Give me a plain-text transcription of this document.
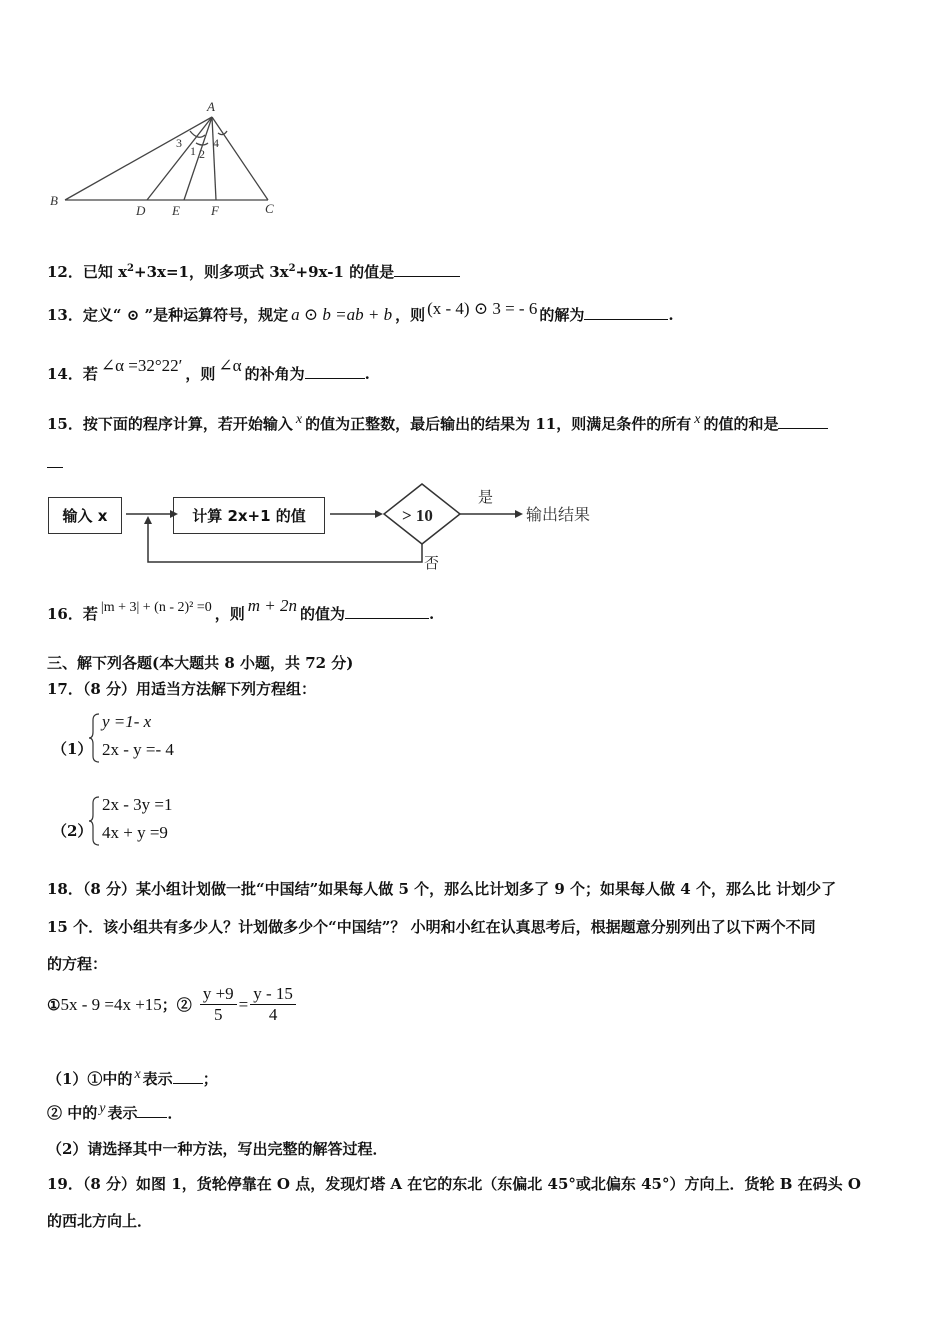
A
B
C
D E F
3
1 2
4
12．已知 $x^2+3x=1$，则多项式 $3x^2+9x-1$ 的值是
13．定义“ ⊙ ”是种运算符号，规定 a ⊙ b =ab + b ，则 (x - 4) ⊙ 3 = - 6 的解为	.
14．若 ∠α =32°22′ ，则 ∠α 的补角为	.
15．按下面的程序计算，若开始输入 x 的值为正整数，最后输出的结果为 11，则满足条件的所有 x 的值的和是
输入 x	计算 2x+1 的值	> 10
是
否
输出结果
16．若 |m + 3| + (n - 2)² =0 ，则 m + 2n 的值为	.
三、解下列各题(本大题共 8 小题，共 72 分)
17．（8 分）用适当方法解下列方程组：
（1）
y =1- x
2x - y =- 4
（2）
2x - 3y =1
4x + y =9
18．（8 分）某小组计划做一批“中国结”如果每人做 5 个，那么比计划多了 9 个；如果每人做 4 个，那么比 计划少了
15 个．该小组共有多少人？计划做多少个“中国结”？ 小明和小红在认真思考后，根据题意分别列出了以下两个不同
的方程：
① 5x - 9 =4x +15 ；② $\frac{y +9}{5} = \frac{y - 15}{4}$
（1）①中的 x 表示 ；
② 中的 y 表示 ．
（2）请选择其中一种方法，写出完整的解答过程．
19．（8 分）如图 1，货轮停靠在 O 点，发现灯塔 A 在它的东北（东偏北 45°或北偏东 45°）方向上．货轮 B 在码头 O
的西北方向上．
